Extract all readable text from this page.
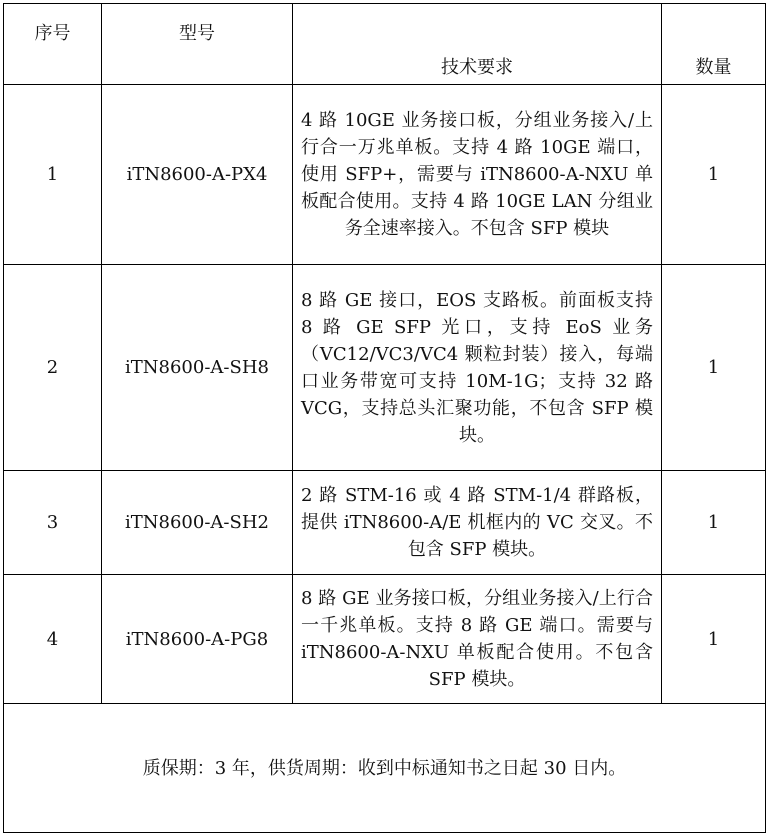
序号	型号	技术要求	数量
1	iTN8600-A-PX4	4 路 10GE 业务接口板，分组业务接入/上行合一万兆单板。支持 4 路 10GE 端口，使用 SFP+，需要与 iTN8600-A-NXU 单板配合使用。支持 4 路 10GE LAN 分组业务全速率接入。不包含 SFP 模块	1
2	iTN8600-A-SH8	8 路 GE 接口，EOS 支路板。前面板支持 8 路 GE SFP 光口，支持 EoS 业务（VC12/VC3/VC4 颗粒封装）接入，每端口业务带宽可支持 10M-1G；支持 32 路 VCG，支持总头汇聚功能，不包含 SFP 模块。	1
3	iTN8600-A-SH2	2 路 STM-16 或 4 路 STM-1/4 群路板，提供 iTN8600-A/E 机框内的 VC 交叉。不包含 SFP 模块。	1
4	iTN8600-A-PG8	8 路 GE 业务接口板，分组业务接入/上行合一千兆单板。支持 8 路 GE 端口。需要与 iTN8600-A-NXU 单板配合使用。不包含 SFP 模块。	1
质保期：3 年，供货周期：收到中标通知书之日起 30 日内。			
